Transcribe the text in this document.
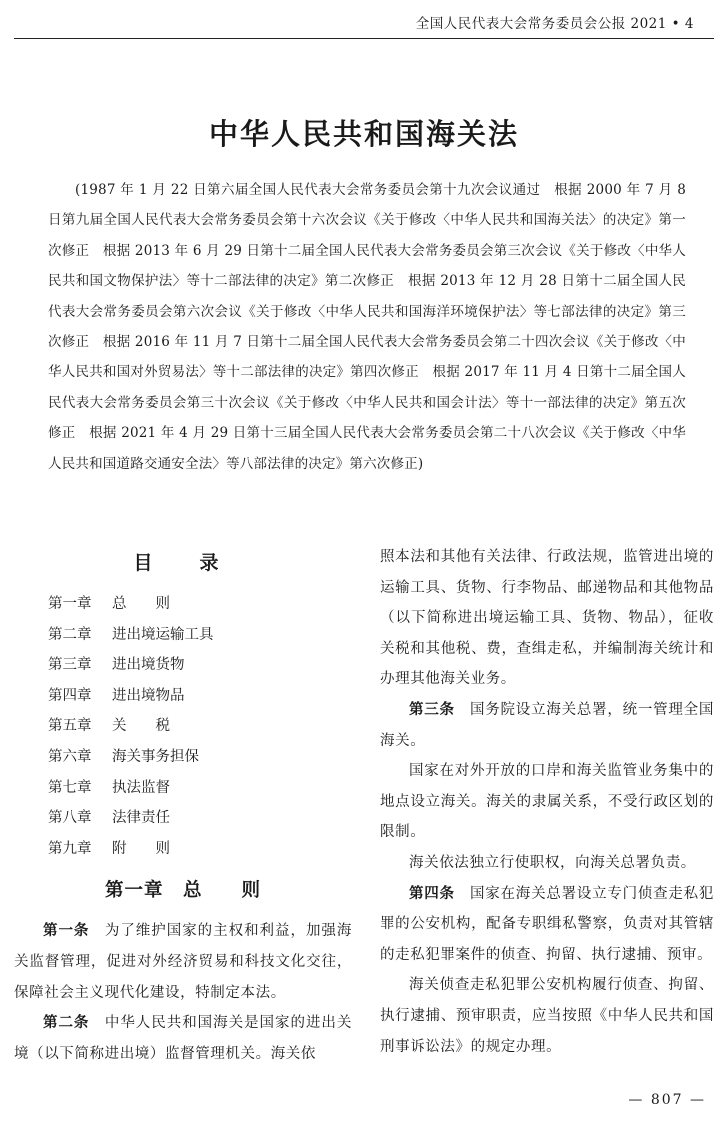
全国人民代表大会常务委员会公报 2021 • 4
中华人民共和国海关法
(1987 年 1 月 22 日第六届全国人民代表大会常务委员会第十九次会议通过　根据 2000 年 7 月 8 日第九届全国人民代表大会常务委员会第十六次会议《关于修改〈中华人民共和国海关法〉的决定》第一次修正　根据 2013 年 6 月 29 日第十二届全国人民代表大会常务委员会第三次会议《关于修改〈中华人民共和国文物保护法〉等十二部法律的决定》第二次修正　根据 2013 年 12 月 28 日第十二届全国人民代表大会常务委员会第六次会议《关于修改〈中华人民共和国海洋环境保护法〉等七部法律的决定》第三次修正　根据 2016 年 11 月 7 日第十二届全国人民代表大会常务委员会第二十四次会议《关于修改〈中华人民共和国对外贸易法〉等十二部法律的决定》第四次修正　根据 2017 年 11 月 4 日第十二届全国人民代表大会常务委员会第三十次会议《关于修改〈中华人民共和国会计法〉等十一部法律的决定》第五次修正　根据 2021 年 4 月 29 日第十三届全国人民代表大会常务委员会第二十八次会议《关于修改〈中华人民共和国道路交通安全法〉等八部法律的决定》第六次修正)
目　录
第一章 总　　则
第二章 进出境运输工具
第三章 进出境货物
第四章 进出境物品
第五章 关　　税
第六章 海关事务担保
第七章 执法监督
第八章 法律责任
第九章 附　　则
第一章　总　　则

第一条　为了维护国家的主权和利益，加强海关监督管理，促进对外经济贸易和科技文化交往，保障社会主义现代化建设，特制定本法。

第二条　中华人民共和国海关是国家的进出关境（以下简称进出境）监督管理机关。海关依

照本法和其他有关法律、行政法规，监管进出境的运输工具、货物、行李物品、邮递物品和其他物品（以下简称进出境运输工具、货物、物品），征收关税和其他税、费，查缉走私，并编制海关统计和办理其他海关业务。

第三条　国务院设立海关总署，统一管理全国海关。

国家在对外开放的口岸和海关监管业务集中的地点设立海关。海关的隶属关系，不受行政区划的限制。

海关依法独立行使职权，向海关总署负责。

第四条　国家在海关总署设立专门侦查走私犯罪的公安机构，配备专职缉私警察，负责对其管辖的走私犯罪案件的侦查、拘留、执行逮捕、预审。

海关侦查走私犯罪公安机构履行侦查、拘留、执行逮捕、预审职责，应当按照《中华人民共和国刑事诉讼法》的规定办理。

— 807 —
